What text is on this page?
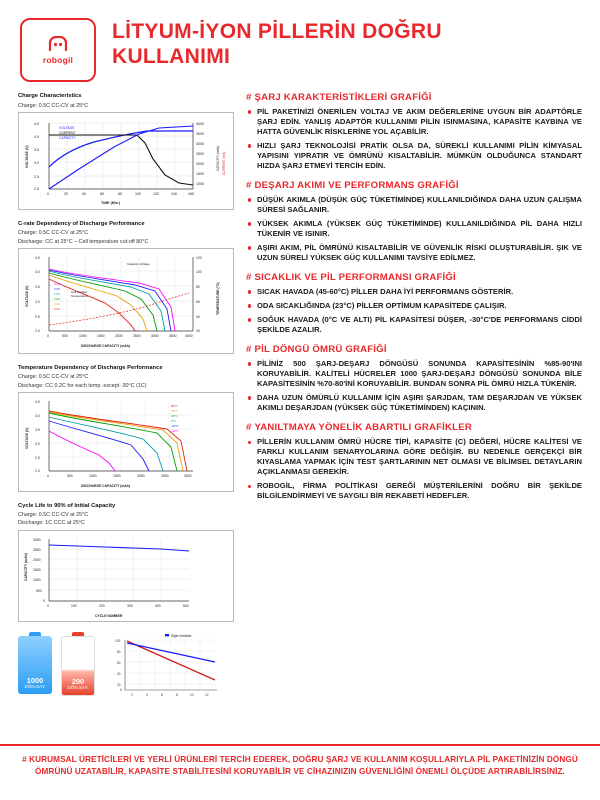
robogil
LİTYUM-İYON PİLLERİN DOĞRU KULLANIMI
Charge Characteristics
Charge: 0.5C CC-CV at 25°C
4.5
4.0
3.5
3.0
2.5
2.0
4000
3500
3000
2500
2000
1500
1000
0	20	40	60	80	100	120	140	160
TIME (Min.)
VOLTAGE
CURRENT
CAPACITY
VOLTAGE (V)	CURRENT (mA)
CAPACITY (mAh)
C-rate Dependency of Discharge Performance
Charge: 0.5C CC-CV at 25°C
Discharge: CC at 25°C – Cell temperature cut-off 80°C
4.5
4.0
3.5
3.0
2.5
2.0
120
100
80
60
40
20
0	500	1000	1500	2000	2500	3000	3500 4000
DISCHARGE CAPACITY (mAh)
Capacity-Voltage
Cell Surface
Temperature
0.2C
0.5C
1.0C
2.0C
3.0C
5.0C
VOLTAGE (V)	TEMPERATURE (°C)
Temperature Dependency of Discharge Performance
Charge: 0.5C CC-CV at 25°C
Discharge: CC 0.2C for each temp. except -30°C (1C)
4.5
4.0
3.5
3.0
2.5
2.0
0	500	1000	1500	2000	2500	3000
DISCHARGE CAPACITY (mAh)
60°C
45°C
23°C
0°C
-10°C
-30°C
VOLTAGE (V)
Cycle Life to 90% of Initial Capacity
Charge: 0.5C CC-CV at 25°C
Discharge: 1C CCC at 25°C
3000
2500
2000
1500
1000
500
0
0	100	200	300	400	500
CYCLE NUMBER
CAPACITY (mAh)
1000
DÖN.SAY.
200
DÖN.SAY.
100
80
60
40
20
0
2	4	6	8	10	12
Diğer üreticiler
# ŞARJ KARAKTERİSTİKLERİ GRAFİĞİ
PİL PAKETİNİZİ ÖNERİLEN VOLTAJ VE AKIM DEĞERLERİNE UYGUN BİR ADAPTÖRLE ŞARJ EDİN. YANLIŞ ADAPTÖR KULLANIMI PİLİN ISINMASINA, KAPASİTE KAYBINA VE HATTA GÜVENLİK RİSKLERİNE YOL AÇABİLİR.
HIZLI ŞARJ TEKNOLOJİSİ PRATİK OLSA DA, SÜREKLİ KULLANIMI PİLİN KİMYASAL YAPISINI YIPRATIR VE ÖMRÜNÜ KISALTABİLİR. MÜMKÜN OLDUĞUNCA STANDART HIZDA ŞARJ ETMEYİ TERCİH EDİN.
# DEŞARJ AKIMI VE PERFORMANS GRAFİĞİ
DÜŞÜK AKIMLA (DÜŞÜK GÜÇ TÜKETİMİNDE) KULLANILDIĞINDA DAHA UZUN ÇALIŞMA SÜRESİ SAĞLANIR.
YÜKSEK AKIMLA (YÜKSEK GÜÇ TÜKETİMİNDE) KULLANILDIĞINDA PİL DAHA HIZLI TÜKENİR VE ISINIR.
AŞIRI AKIM, PİL ÖMRÜNÜ KISALTABİLİR VE GÜVENLİK RİSKİ OLUŞTURABİLİR. ŞIK VE UZUN SÜRELİ YÜKSEK GÜÇ KULLANIMI TAVSİYE EDİLMEZ.
# SICAKLIK VE PİL PERFORMANSI GRAFİĞİ
SICAK HAVADA (45-60°C) PİLLER DAHA İYİ PERFORMANS GÖSTERİR.
ODA SICAKLIĞINDA (23°C) PİLLER OPTİMUM KAPASİTEDE ÇALIŞIR.
SOĞUK HAVADA (0°C VE ALTI) PİL KAPASİTESİ DÜŞER, -30°C'DE PERFORMANS CİDDİ ŞEKİLDE AZALIR.
# PİL DÖNGÜ ÖMRÜ GRAFİĞİ
PİLİNİZ 500 ŞARJ-DEŞARJ DÖNGÜSÜ SONUNDA KAPASİTESİNİN %85-90'INI KORUYABİLİR. KALİTELİ HÜCRELER 1000 ŞARJ-DEŞARJ DÖNGÜSÜ SONUNDA BİLE KAPASİTESİNİN %70-80'İNİ KORUYABİLİR. BUNDAN SONRA PİL ÖMRÜ HIZLA TÜKENİR.
DAHA UZUN ÖMÜRLÜ KULLANIM İÇİN AŞIRI ŞARJDAN, TAM DEŞARJDAN VE YÜKSEK AKIMLI DEŞARJDAN (YÜKSEK GÜÇ TÜKETİMİNDEN) KAÇININ.
# YANILTMAYA YÖNELİK ABARTILI GRAFİKLER
PİLLERİN KULLANIM ÖMRÜ HÜCRE TİPİ, KAPASİTE (C) DEĞERİ, HÜCRE KALİTESİ VE FARKLI KULLANIM SENARYOLARINA GÖRE DEĞİŞİR. BU NEDENLE GERÇEKÇİ BİR KIYASLAMA YAPMAK İÇİN TEST ŞARTLARININ NET OLMASI VE BİLİMSEL DETAYLARIN AÇIKLANMASI GEREKİR.
ROBOGİL, FİRMA POLİTİKASI GEREĞİ MÜŞTERİLERİNİ DOĞRU BİR ŞEKİLDE BİLGİLENDİRMEYİ VE SAYGILI BİR REKABETİ HEDEFLER.

# KURUMSAL ÜRETİCİLERİ VE YERLİ ÜRÜNLERİ TERCİH EDEREK, DOĞRU ŞARJ VE KULLANIM KOŞULLARIYLA PİL PAKETİNİZİN DÖNGÜ ÖMRÜNÜ UZATABİLİR, KAPASİTE STABİLİTESİNİ KORUYABİLİR VE CİHAZINIZIN GÜVENLİĞİNİ ÖNEMLİ ÖLÇÜDE ARTIRABİLİRSİNİZ.
